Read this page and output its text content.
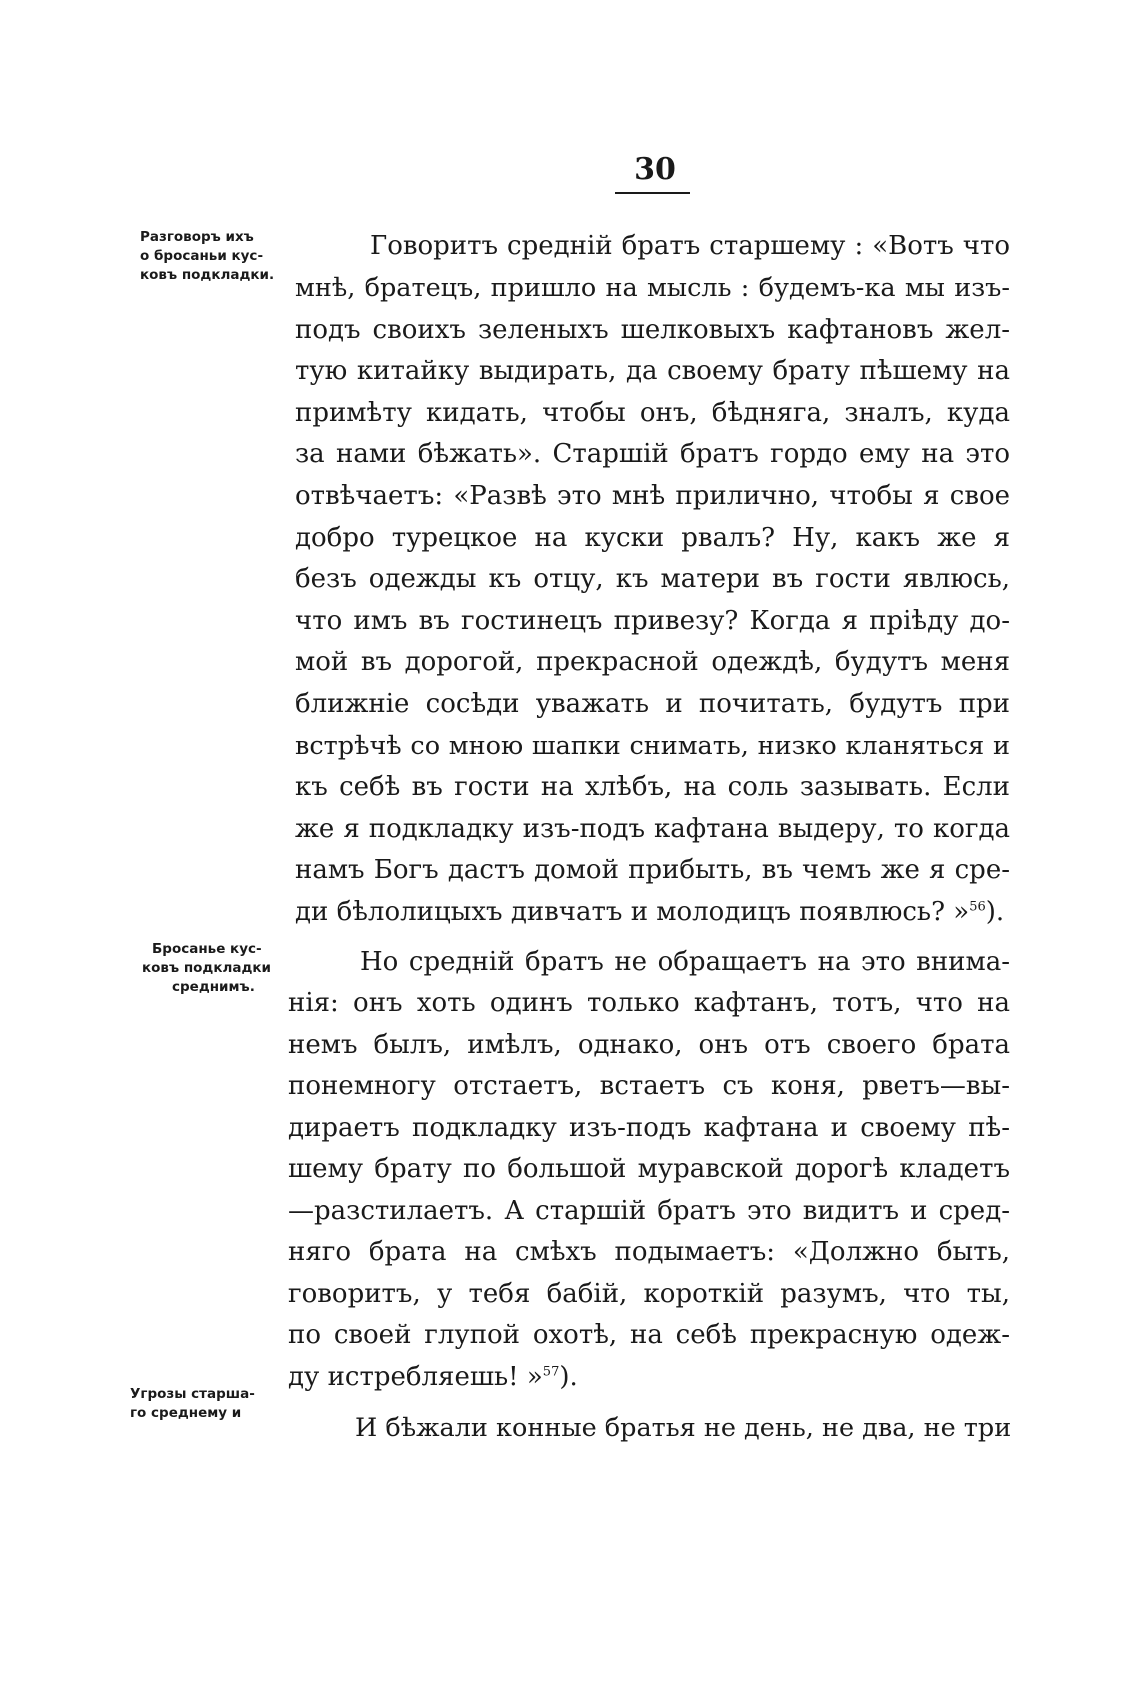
30
Разговоръ ихъ
о бросаньи кус-
ковъ подкладки.
Бросанье кус-
ковъ подкладки
среднимъ.
Угрозы старша-
го среднему и
Говоритъ средній братъ старшему : «Вотъ что
мнѣ, братецъ, пришло на мысль : будемъ-ка мы изъ-
подъ своихъ зеленыхъ шелковыхъ кафтановъ жел-
тую китайку выдирать, да своему брату пѣшему на
примѣту кидать, чтобы онъ, бѣдняга, зналъ, куда
за нами бѣжать». Старшій братъ гордо ему на это
отвѣчаетъ: «Развѣ это мнѣ прилично, чтобы я свое
добро турецкое на куски рвалъ? Ну, какъ же я
безъ одежды къ отцу, къ матери въ гости явлюсь,
что имъ въ гостинецъ привезу? Когда я пріѣду до-
мой въ дорогой, прекрасной одеждѣ, будутъ меня
ближніе сосѣди уважать и почитать, будутъ при
встрѣчѣ со мною шапки снимать, низко кланяться и
къ себѣ въ гости на хлѣбъ, на соль зазывать. Если
же я подкладку изъ-подъ кафтана выдеру, то когда
намъ Богъ дастъ домой прибыть, въ чемъ же я сре-
ди бѣлолицыхъ дивчатъ и молодицъ появлюсь? »$^{56}$).
Но средній братъ не обращаетъ на это внима-
нія: онъ хоть одинъ только кафтанъ, тотъ, что на
немъ былъ, имѣлъ, однако, онъ отъ своего брата
понемногу отстаетъ, встаетъ съ коня, рветъ—вы-
дираетъ подкладку изъ-подъ кафтана и своему пѣ-
шему брату по большой муравской дорогѣ кладетъ
—разстилаетъ. А старшій братъ это видитъ и сред-
няго брата на смѣхъ подымаетъ: «Должно быть,
говоритъ, у тебя бабій, короткій разумъ, что ты,
по своей глупой охотѣ, на себѣ прекрасную одеж-
ду истребляешь! »$^{57}$).
И бѣжали конные братья не день, не два, не три
